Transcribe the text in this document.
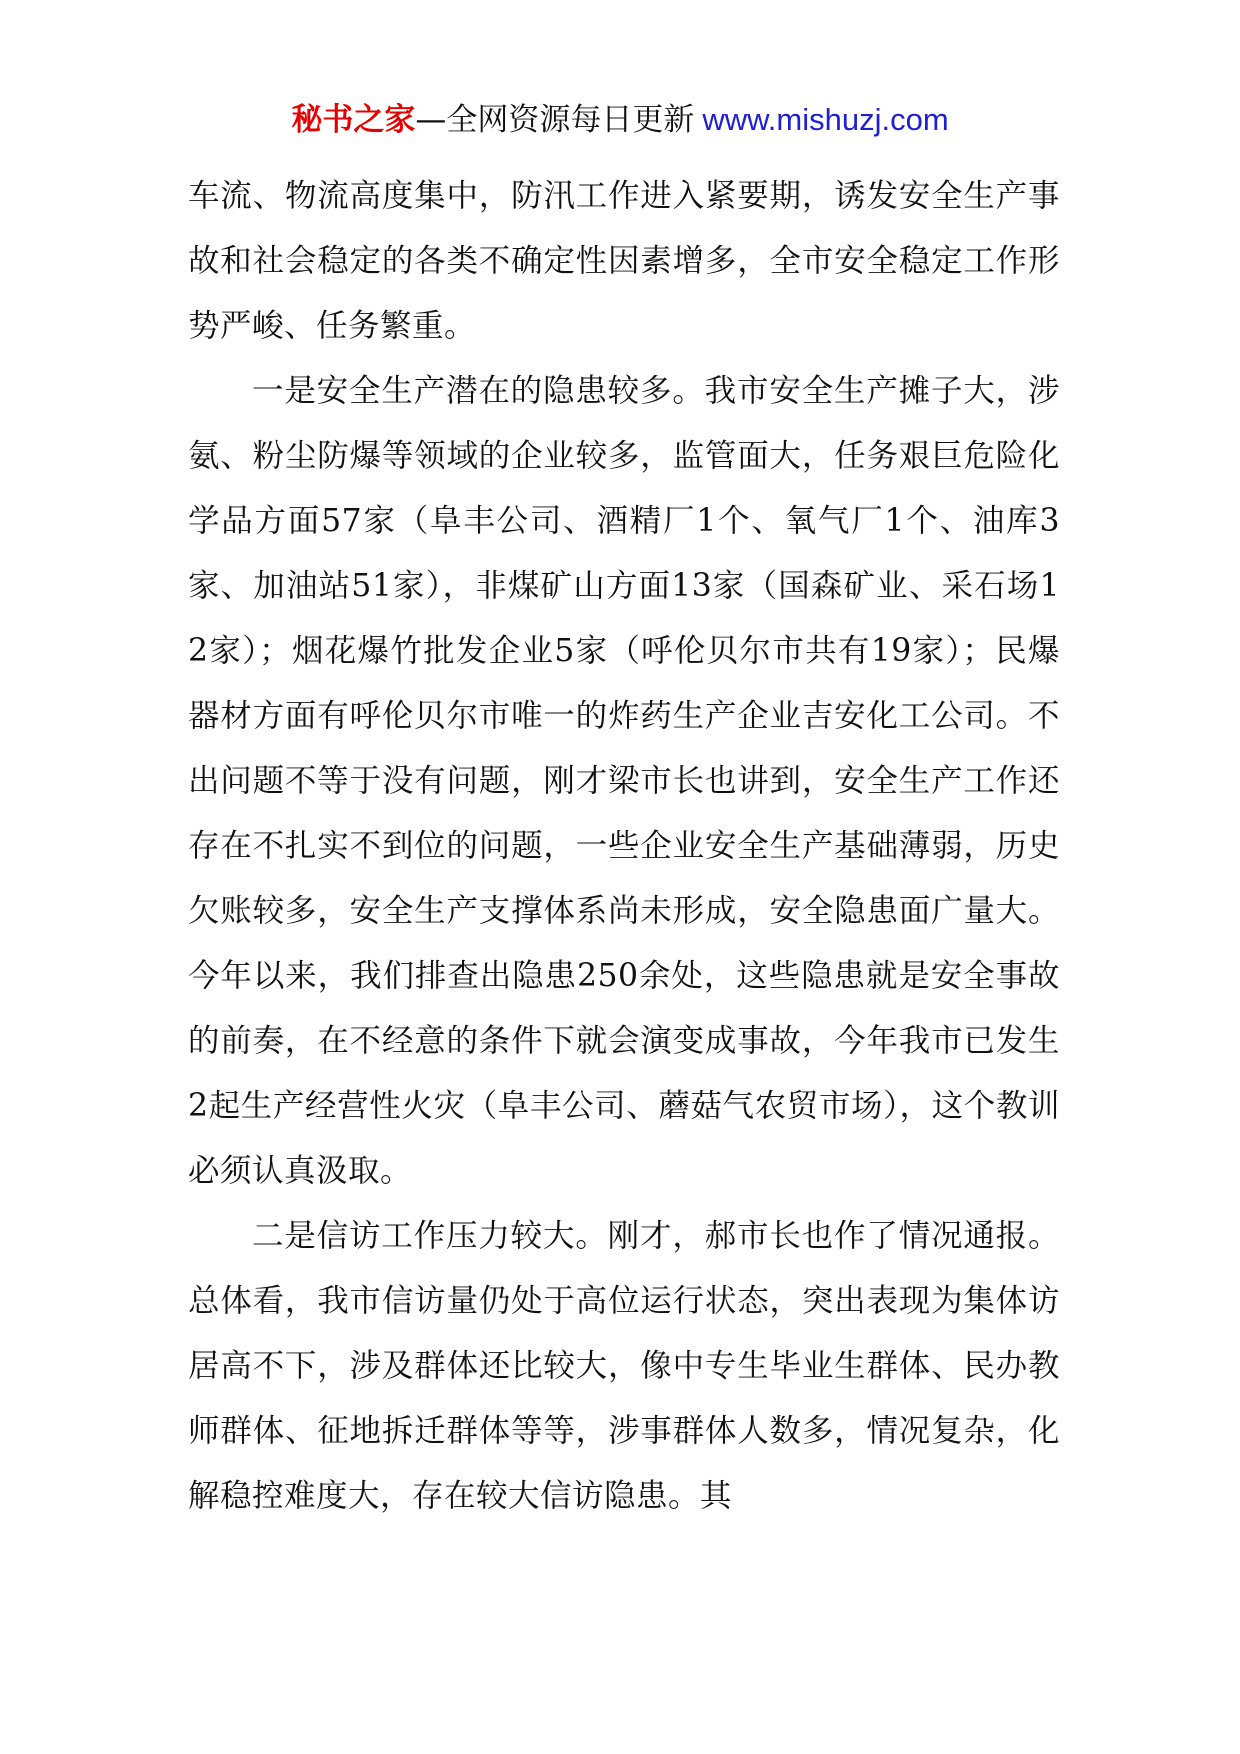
秘书之家—全网资源每日更新 www.mishuzj.com

车流、物流高度集中，防汛工作进入紧要期，诱发安全生产事故和社会稳定的各类不确定性因素增多，全市安全稳定工作形势严峻、任务繁重。

一是安全生产潜在的隐患较多。我市安全生产摊子大，涉氨、粉尘防爆等领域的企业较多，监管面大，任务艰巨危险化学品方面57家（阜丰公司、酒精厂1个、氧气厂1个、油库3家、加油站51家），非煤矿山方面13家（国森矿业、采石场12家）；烟花爆竹批发企业5家（呼伦贝尔市共有19家）；民爆器材方面有呼伦贝尔市唯一的炸药生产企业吉安化工公司。不出问题不等于没有问题，刚才梁市长也讲到，安全生产工作还存在不扎实不到位的问题，一些企业安全生产基础薄弱，历史欠账较多，安全生产支撑体系尚未形成，安全隐患面广量大。今年以来，我们排查出隐患250余处，这些隐患就是安全事故的前奏，在不经意的条件下就会演变成事故，今年我市已发生2起生产经营性火灾（阜丰公司、蘑菇气农贸市场），这个教训必须认真汲取。

二是信访工作压力较大。刚才，郝市长也作了情况通报。总体看，我市信访量仍处于高位运行状态，突出表现为集体访居高不下，涉及群体还比较大，像中专生毕业生群体、民办教师群体、征地拆迁群体等等，涉事群体人数多，情况复杂，化解稳控难度大，存在较大信访隐患。其
